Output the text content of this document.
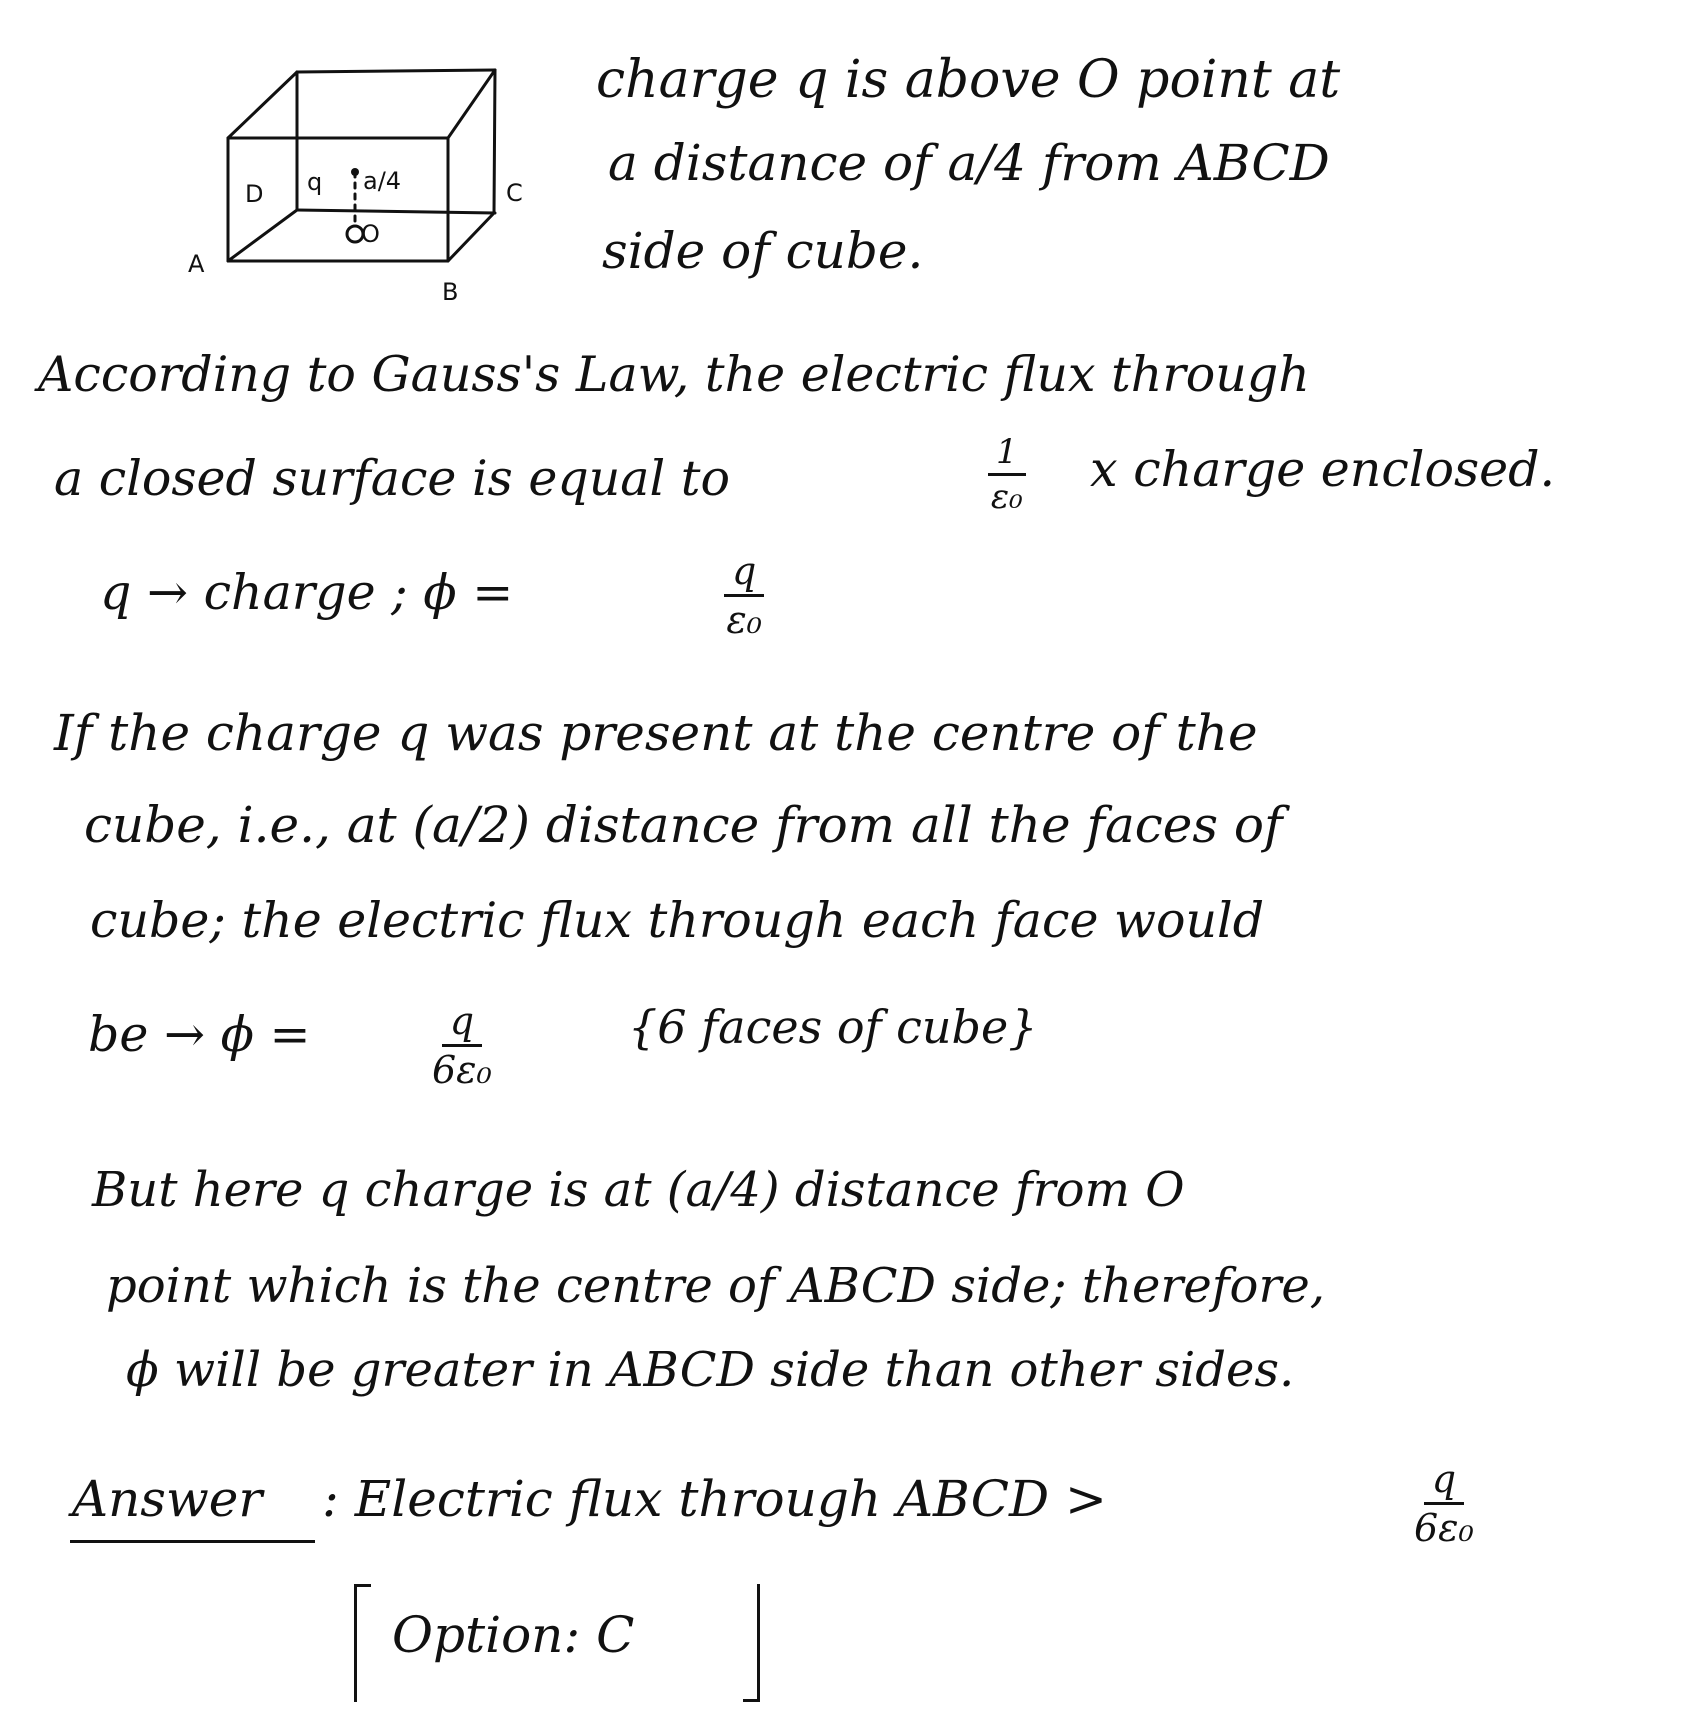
A
B
C
D
O
q a/4
charge q is above O point at
a distance of a/4 from ABCD
side of cube.
According to Gauss's Law, the electric flux through
a closed surface is equal to	$\frac{1}{\text{ε₀}}$ x charge enclosed.
q → charge ; ϕ =	$\frac{q}{\text{ε₀}}$
If the charge q was present at the centre of the
cube, i.e., at (a/2) distance from all the faces of
cube; the electric flux through each face would
be → ϕ =	$\frac{q}{\text{6ε₀}}$	{6 faces of cube}
But here q charge is at (a/4) distance from O
point which is the centre of ABCD side; therefore,
ϕ will be greater in ABCD side than other sides.
Answer : Electric flux through ABCD >	$\frac{q}{\text{6ε₀}}$
Option: C
